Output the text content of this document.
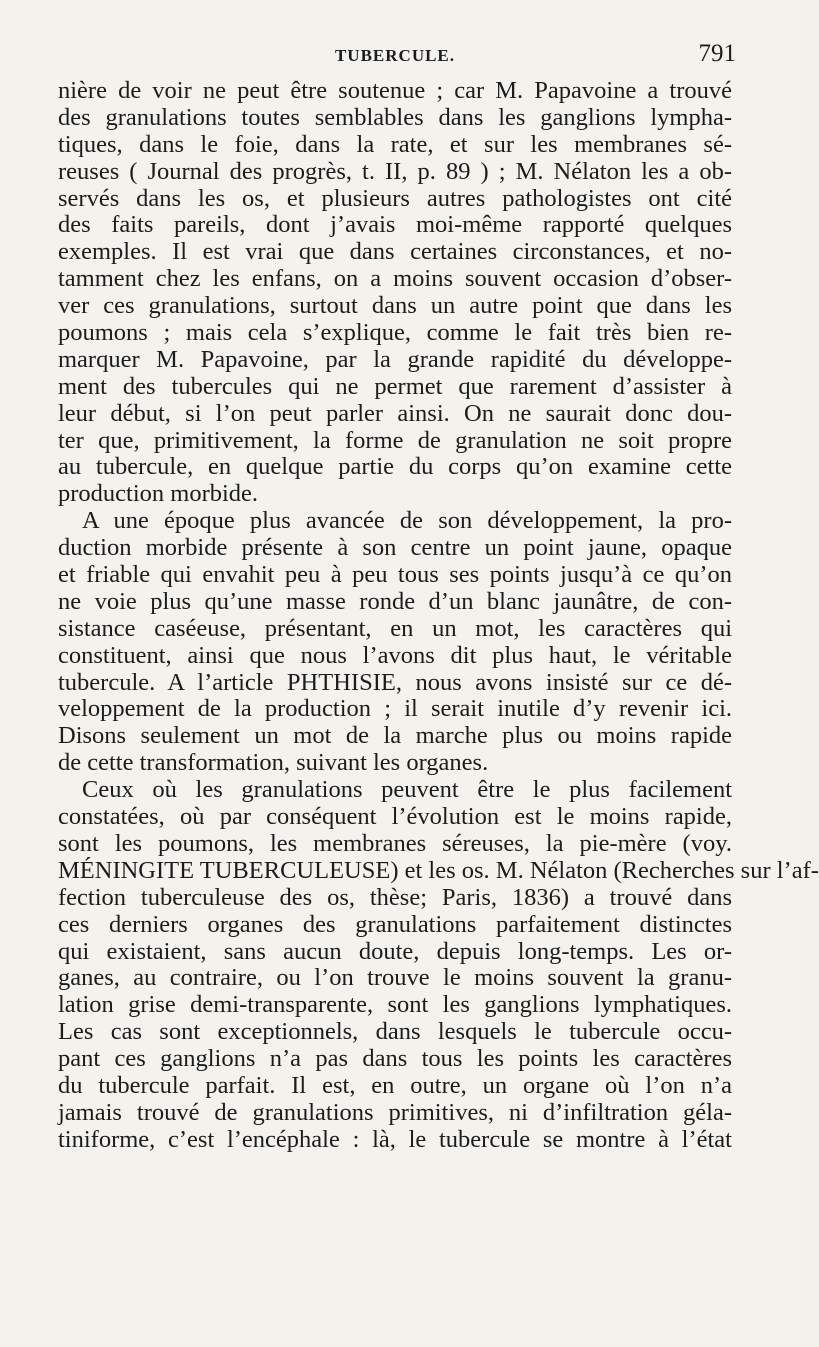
TUBERCULE.	791
nière de voir ne peut être soutenue ; car M. Papavoine a trouvé
des granulations toutes semblables dans les ganglions lympha-
tiques, dans le foie, dans la rate, et sur les membranes sé-
reuses ( Journal des progrès, t. II, p. 89 ) ; M. Nélaton les a ob-
servés dans les os, et plusieurs autres pathologistes ont cité
des faits pareils, dont j’avais moi-même rapporté quelques
exemples. Il est vrai que dans certaines circonstances, et no-
tamment chez les enfans, on a moins souvent occasion d’obser-
ver ces granulations, surtout dans un autre point que dans les
poumons ; mais cela s’explique, comme le fait très bien re-
marquer M. Papavoine, par la grande rapidité du développe-
ment des tubercules qui ne permet que rarement d’assister à
leur début, si l’on peut parler ainsi. On ne saurait donc dou-
ter que, primitivement, la forme de granulation ne soit propre
au tubercule, en quelque partie du corps qu’on examine cette
production morbide.
A une époque plus avancée de son développement, la pro-
duction morbide présente à son centre un point jaune, opaque
et friable qui envahit peu à peu tous ses points jusqu’à ce qu’on
ne voie plus qu’une masse ronde d’un blanc jaunâtre, de con-
sistance caséeuse, présentant, en un mot, les caractères qui
constituent, ainsi que nous l’avons dit plus haut, le véritable
tubercule. A l’article PHTHISIE, nous avons insisté sur ce dé-
veloppement de la production ; il serait inutile d’y revenir ici.
Disons seulement un mot de la marche plus ou moins rapide
de cette transformation, suivant les organes.
Ceux où les granulations peuvent être le plus facilement
constatées, où par conséquent l’évolution est le moins rapide,
sont les poumons, les membranes séreuses, la pie-mère (voy.
MÉNINGITE TUBERCULEUSE) et les os. M. Nélaton (Recherches sur l’af-
fection tuberculeuse des os, thèse; Paris, 1836) a trouvé dans
ces derniers organes des granulations parfaitement distinctes
qui existaient, sans aucun doute, depuis long-temps. Les or-
ganes, au contraire, ou l’on trouve le moins souvent la granu-
lation grise demi-transparente, sont les ganglions lymphatiques.
Les cas sont exceptionnels, dans lesquels le tubercule occu-
pant ces ganglions n’a pas dans tous les points les caractères
du tubercule parfait. Il est, en outre, un organe où l’on n’a
jamais trouvé de granulations primitives, ni d’infiltration géla-
tiniforme, c’est l’encéphale : là, le tubercule se montre à l’état
